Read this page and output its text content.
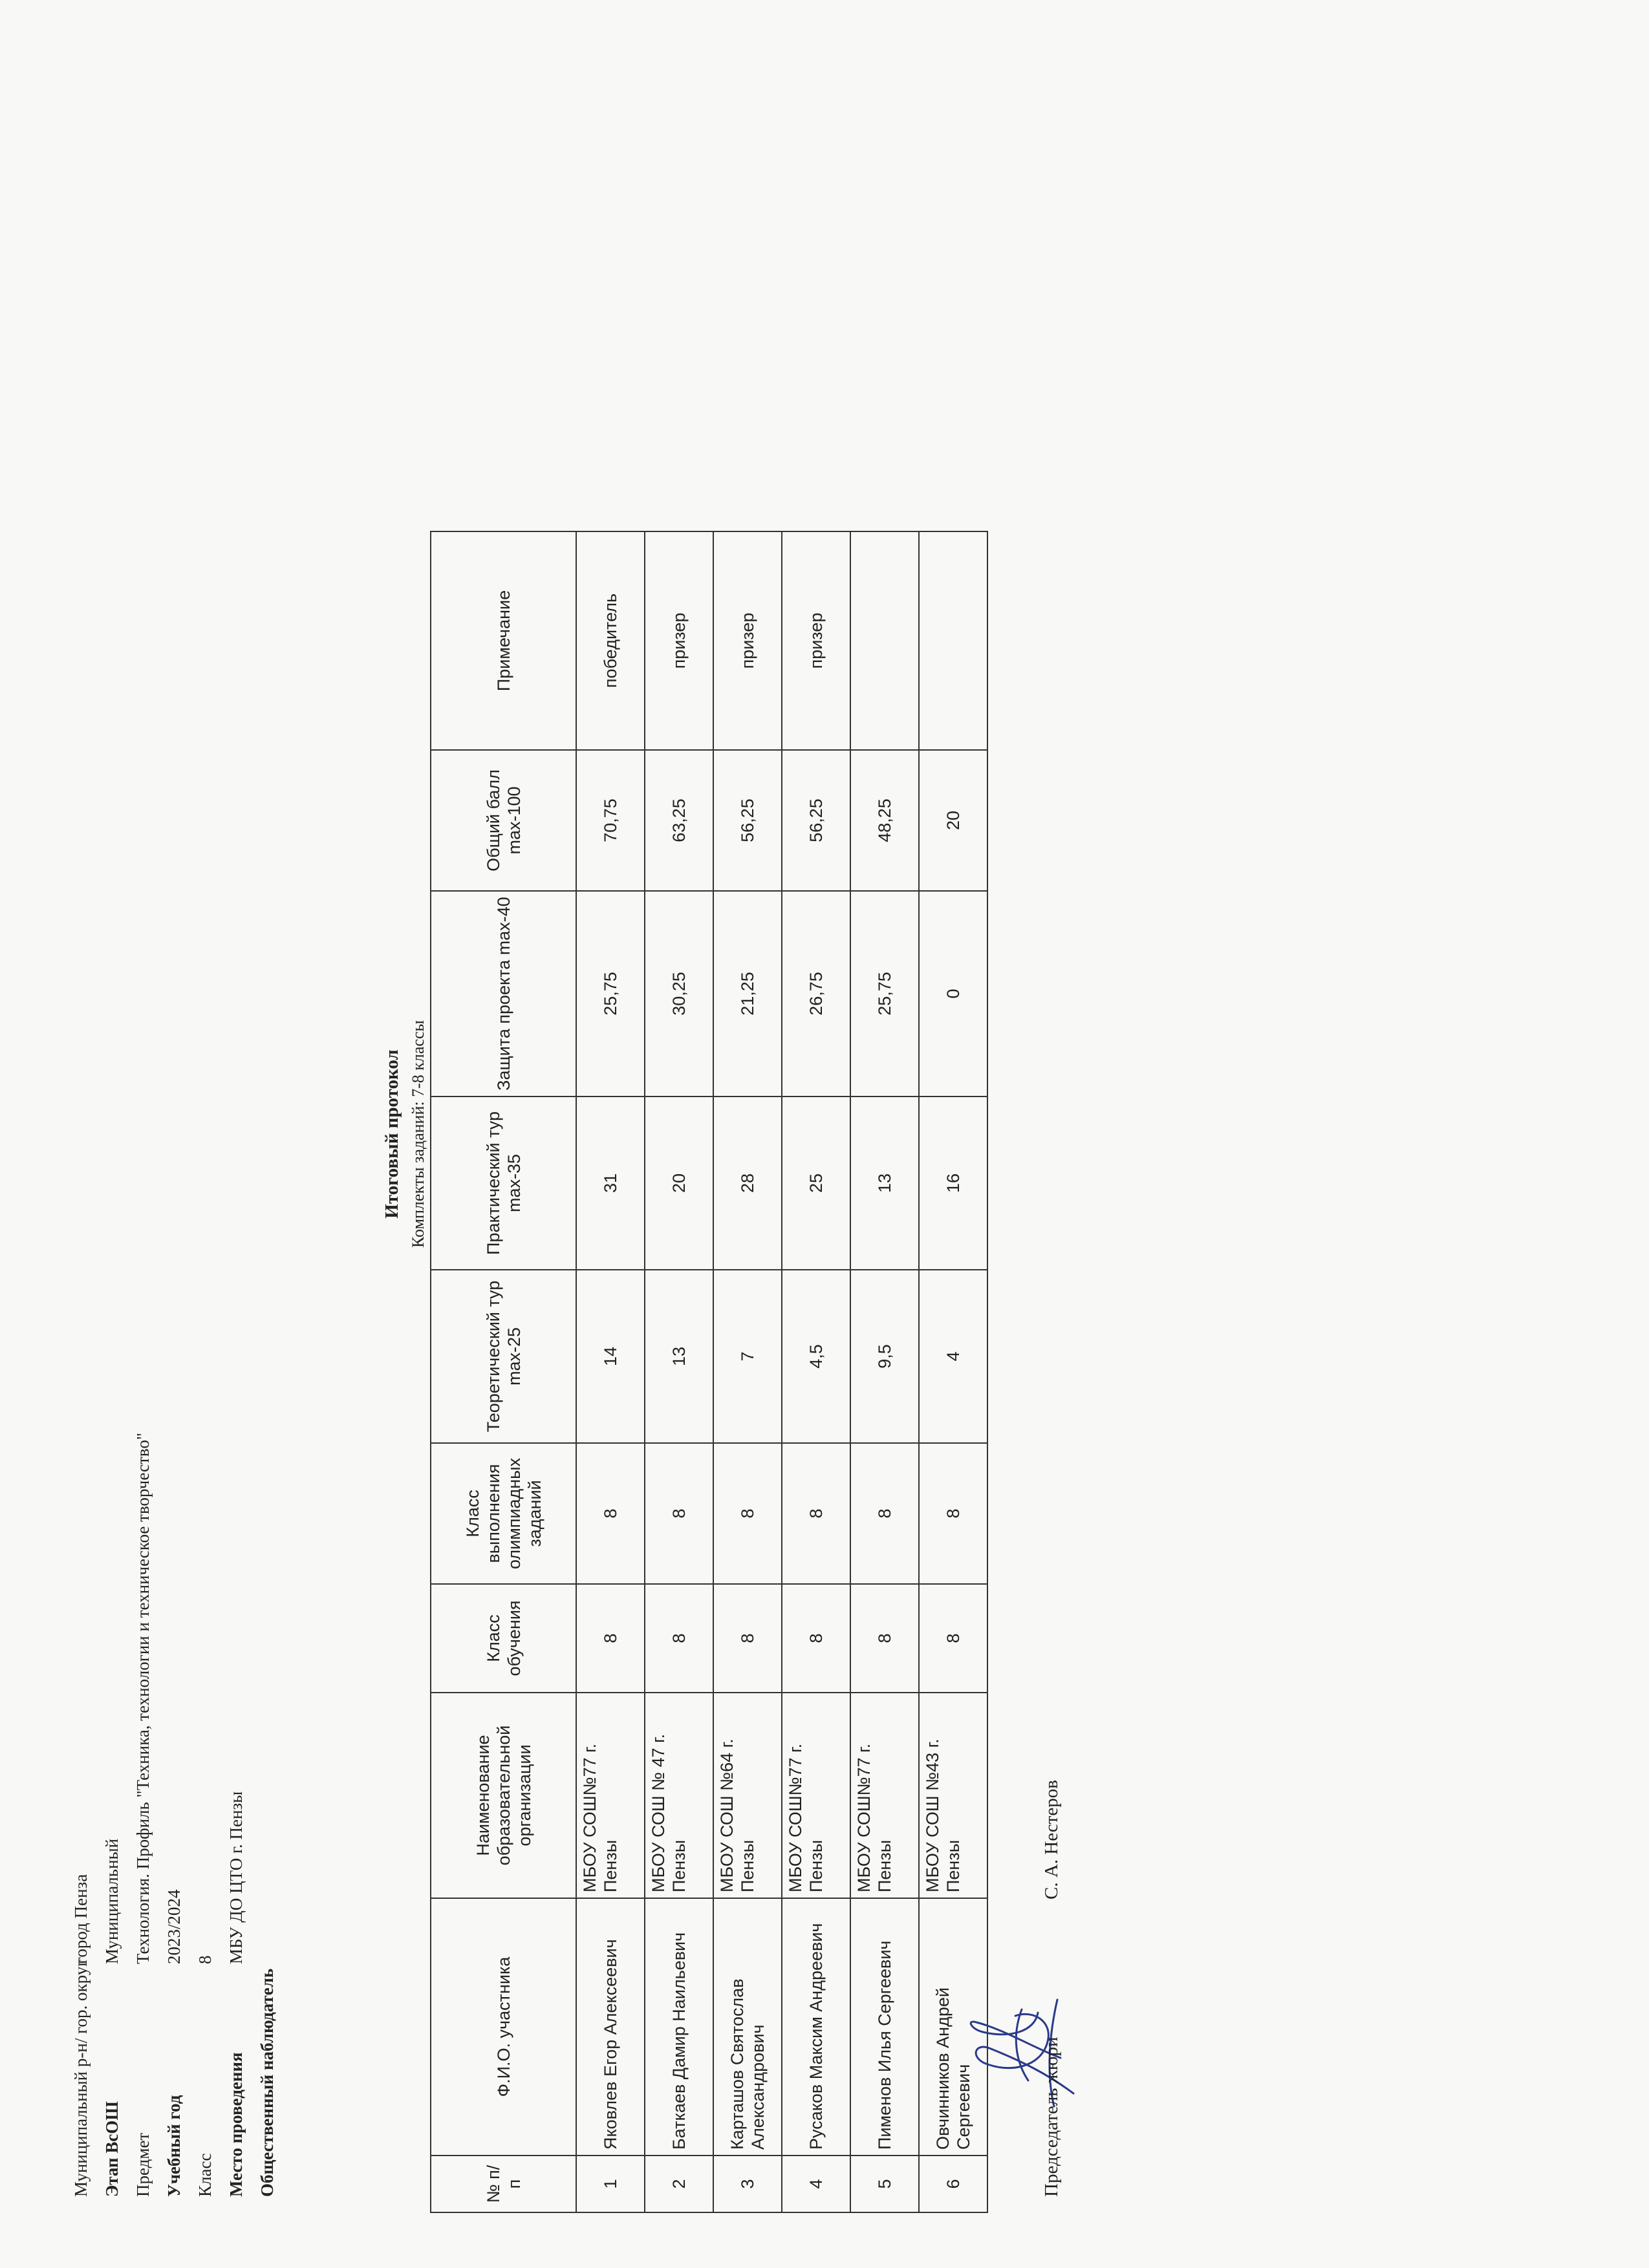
Муниципальный р-н/ гор. округ
город Пенза
Этап ВсОШ
Муниципальный
Предмет
Технология. Профиль "Техника, технологии и техническое творчество"
Учебный год
2023/2024
Класс
8
Место проведения
МБУ ДО ЦТО г. Пензы
Общественный наблюдатель
Итоговый протокол Комплекты заданий: 7-8 классы
№ п/п	Ф.И.О. участника	Наименование образовательной организации	Класс обучения	Класс выполнения олимпиадных заданий	Теоретический тур max-25	Практический тур max-35	Защита проекта max-40	Общий балл max-100	Примечание
1	Яковлев Егор Алексеевич	МБОУ СОШ№77 г. Пензы	8	8	14	31	25,75	70,75	победитель
2	Баткаев Дамир Наильевич	МБОУ СОШ № 47 г. Пензы	8	8	13	20	30,25	63,25	призер
3	Карташов Святослав Александрович	МБОУ СОШ №64 г. Пензы	8	8	7	28	21,25	56,25	призер
4	Русаков Максим Андреевич	МБОУ СОШ№77 г. Пензы	8	8	4,5	25	26,75	56,25	призер
5	Пименов Илья Сергеевич	МБОУ СОШ№77 г. Пензы	8	8	9,5	13	25,75	48,25	
6	Овчинников Андрей Сергеевич	МБОУ СОШ №43 г. Пензы	8	8	4	16	0	20	
Председатель жюри
С. А. Нестеров
